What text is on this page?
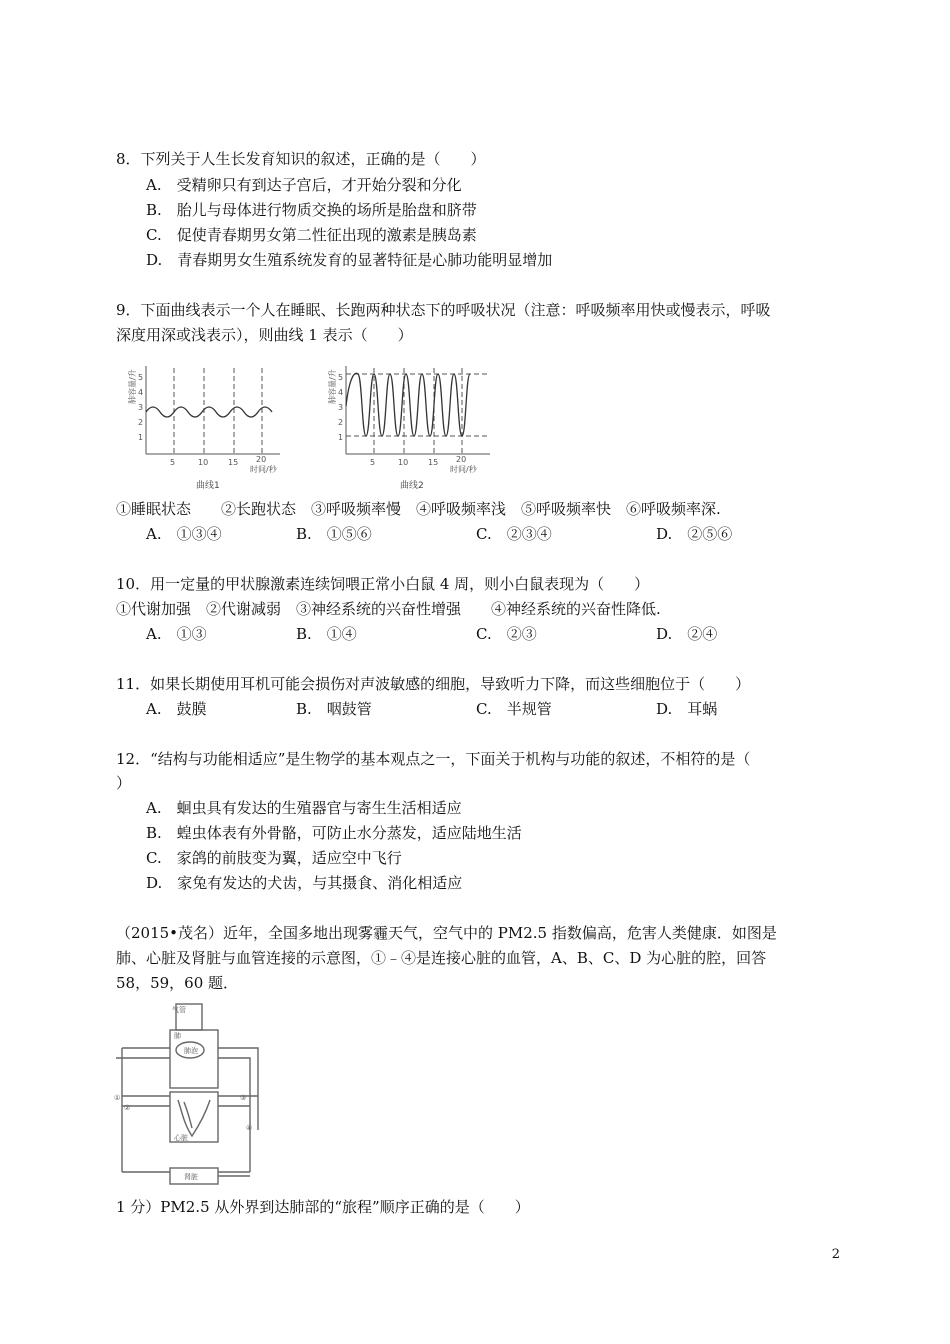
8．下列关于人生长发育知识的叙述，正确的是（　　）
A.　受精卵只有到达子宫后，才开始分裂和分化
B.　胎儿与母体进行物质交换的场所是胎盘和脐带
C.　促使青春期男女第二性征出现的激素是胰岛素
D.　青春期男女生殖系统发育的显著特征是心肺功能明显增加
9．下面曲线表示一个人在睡眠、长跑两种状态下的呼吸状况（注意：呼吸频率用快或慢表示，呼吸
深度用深或浅表示），则曲线 1 表示（　　）
肺容量/升
1
2
3
4
5
5	10 15 20
时间/秒
曲线1
肺容量/升
1
2
3
4
5
5	10 15 20
时间/秒
曲线2
①睡眠状态　　②长跑状态　③呼吸频率慢　④呼吸频率浅　⑤呼吸频率快　⑥呼吸频率深.
A.　①③④	B.　①⑤⑥	C.　②③④	D.　②⑤⑥
10．用一定量的甲状腺激素连续饲喂正常小白鼠 4 周，则小白鼠表现为（　　）
①代谢加强　②代谢减弱　③神经系统的兴奋性增强　　④神经系统的兴奋性降低.
A.　①③	B.　①④	C.　②③	D.　②④
11．如果长期使用耳机可能会损伤对声波敏感的细胞，导致听力下降，而这些细胞位于（　　）
A.　鼓膜	B.　咽鼓管	C.　半规管	D.　耳蜗
12．“结构与功能相适应”是生物学的基本观点之一，下面关于机构与功能的叙述，不相符的是（
）
A.　蛔虫具有发达的生殖器官与寄生生活相适应
B.　蝗虫体表有外骨骼，可防止水分蒸发，适应陆地生活
C.　家鸽的前肢变为翼，适应空中飞行
D.　家兔有发达的犬齿，与其摄食、消化相适应
（2015•茂名）近年，全国多地出现雾霾天气，空气中的 PM2.5 指数偏高，危害人类健康．如图是
肺、心脏及肾脏与血管连接的示意图，①﹣④是连接心脏的血管，A、B、C、D 为心脏的腔，回答
58，59，60 题．
气管
肺
肺泡
心脏
肾脏
①
②
③
④
1 分）PM2.5 从外界到达肺部的“旅程”顺序正确的是（　　）
2
